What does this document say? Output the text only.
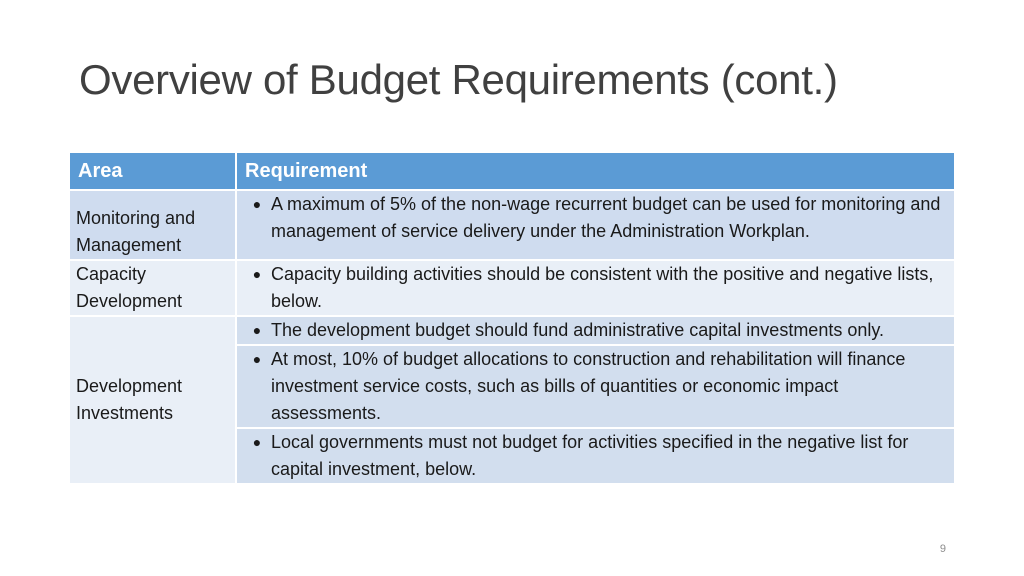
Overview of Budget Requirements (cont.)
Area	Requirement

Monitoring and Management	● A maximum of 5% of the non-wage recurrent budget can be used for monitoring and management of service delivery under the Administration Workplan.

Capacity Development	● Capacity building activities should be consistent with the positive and negative lists, below.

Development Investments	● The development budget should fund administrative capital investments only.

	● At most, 10% of budget allocations to construction and rehabilitation will finance investment service costs, such as bills of quantities or economic impact assessments.

	● Local governments must not budget for activities specified in the negative list for capital investment, below.
9
